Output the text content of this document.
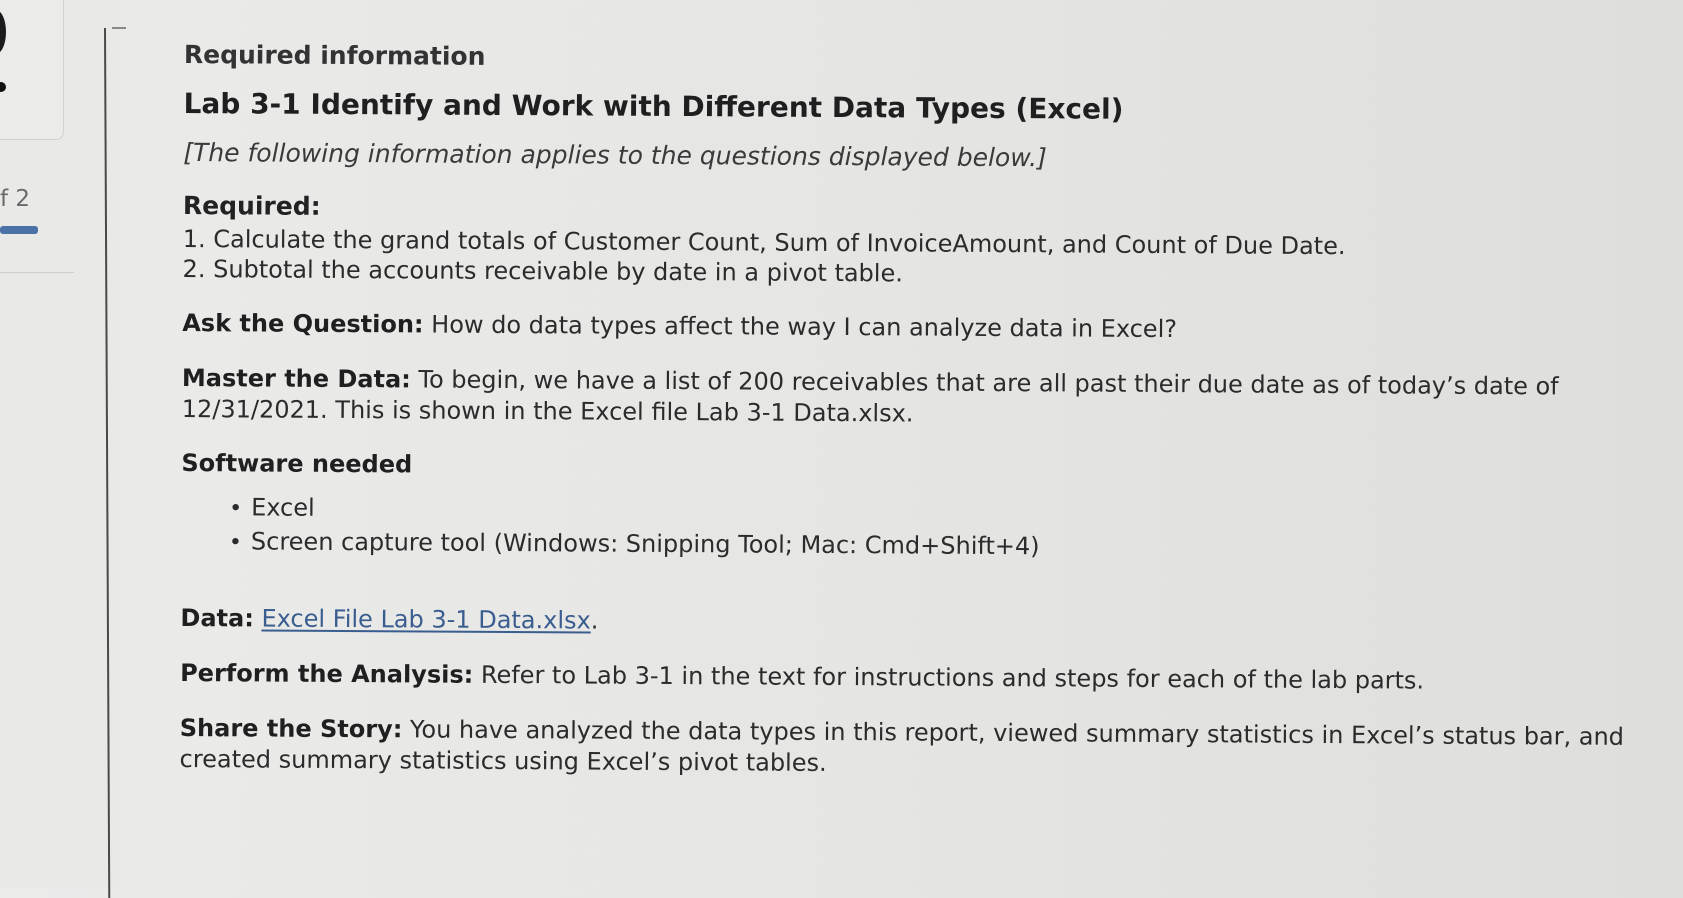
f 2
Required information
Lab 3-1 Identify and Work with Different Data Types (Excel)

[The following information applies to the questions displayed below.]

Required:

1. Calculate the grand totals of Customer Count, Sum of InvoiceAmount, and Count of Due Date.
2. Subtotal the accounts receivable by date in a pivot table.

Ask the Question: How do data types affect the way I can analyze data in Excel?

Master the Data: To begin, we have a list of 200 receivables that are all past their due date as of today’s date of 12/31/2021. This is shown in the Excel file Lab 3-1 Data.xlsx.

Software needed

• Excel
• Screen capture tool (Windows: Snipping Tool; Mac: Cmd+Shift+4)

Data: Excel File Lab 3-1 Data.xlsx.

Perform the Analysis: Refer to Lab 3-1 in the text for instructions and steps for each of the lab parts.

Share the Story: You have analyzed the data types in this report, viewed summary statistics in Excel’s status bar, and created summary statistics using Excel’s pivot tables.
